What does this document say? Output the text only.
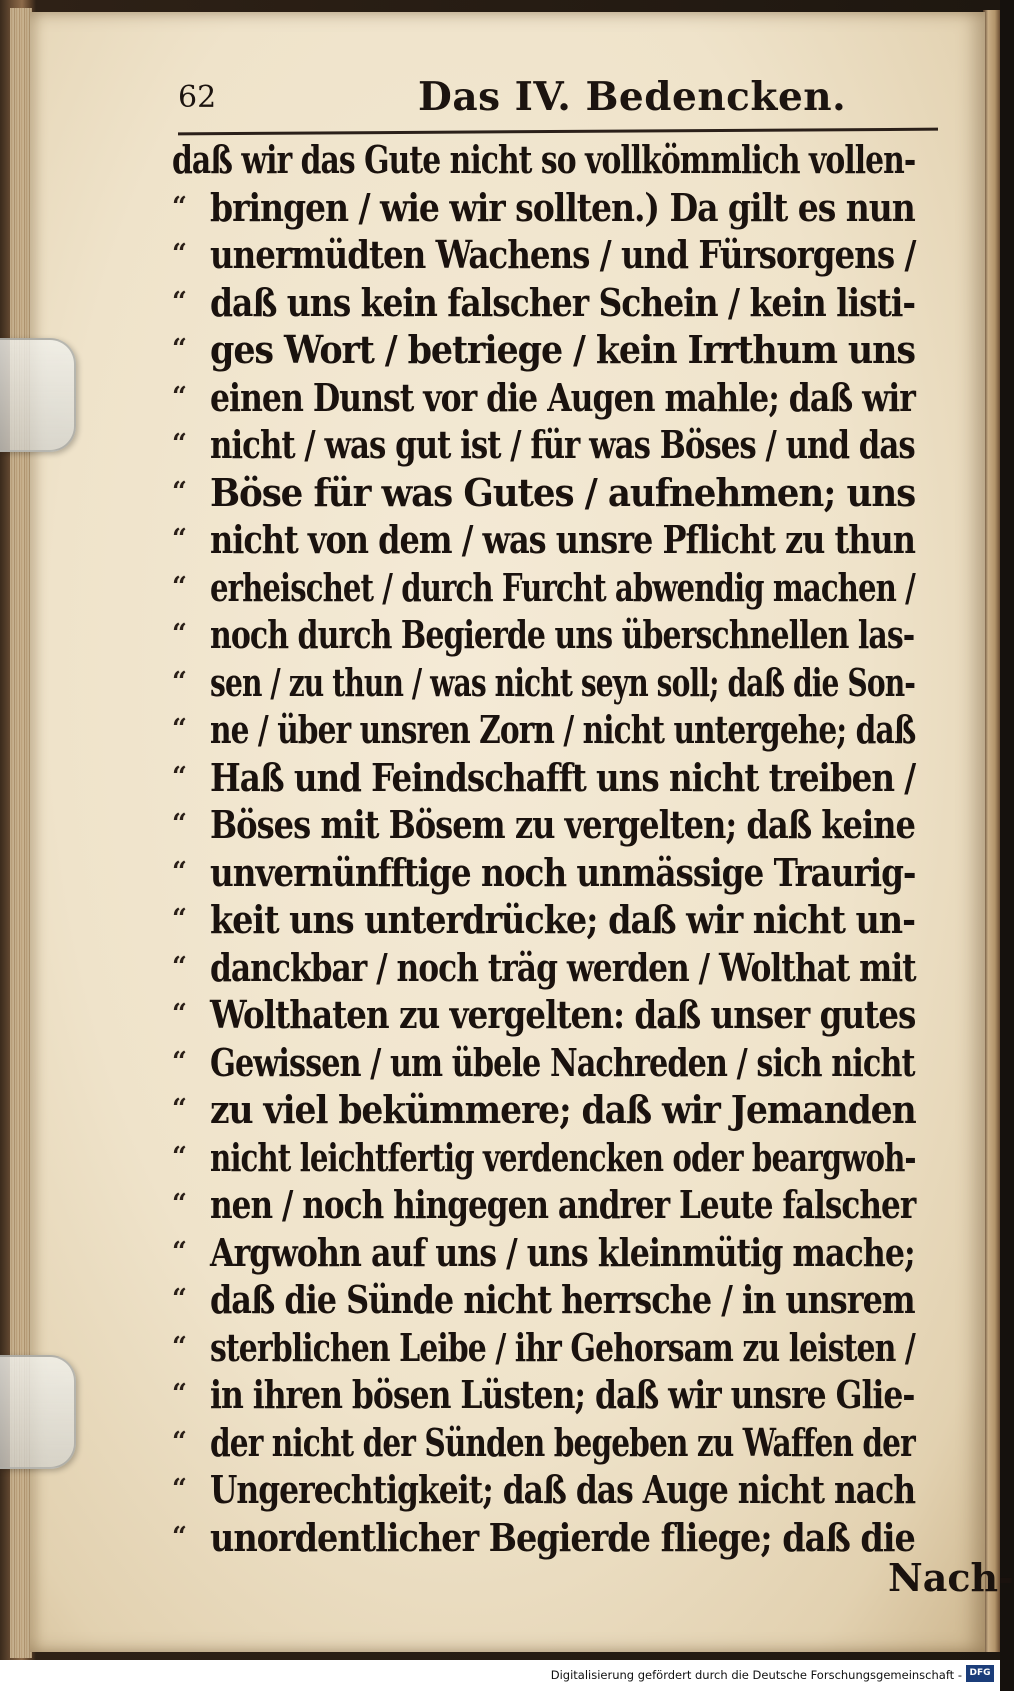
62	Das IV. Bedencken.
daß wir das Gute nicht so vollkömmlich vollen-
“ bringen / wie wir sollten.) Da gilt es nun
“ unermüdten Wachens / und Fürsorgens /
“ daß uns kein falscher Schein / kein listi-
“ ges Wort / betriege / kein Irrthum uns
“ einen Dunst vor die Augen mahle; daß wir
“ nicht / was gut ist / für was Böses / und das
“ Böse für was Gutes / aufnehmen; uns
“ nicht von dem / was unsre Pflicht zu thun
“ erheischet / durch Furcht abwendig machen /
“ noch durch Begierde uns überschnellen las-
“ sen / zu thun / was nicht seyn soll; daß die Son-
“ ne / über unsren Zorn / nicht untergehe; daß
“ Haß und Feindschafft uns nicht treiben /
“ Böses mit Bösem zu vergelten; daß keine
“ unvernünfftige noch unmässige Traurig-
“ keit uns unterdrücke; daß wir nicht un-
“ danckbar / noch träg werden / Wolthat mit
“ Wolthaten zu vergelten: daß unser gutes
“ Gewissen / um übele Nachreden / sich nicht
“ zu viel bekümmere; daß wir Jemanden
“ nicht leichtfertig verdencken oder beargwoh-
“ nen / noch hingegen andrer Leute falscher
“ Argwohn auf uns / uns kleinmütig mache;
“ daß die Sünde nicht herrsche / in unsrem
“ sterblichen Leibe / ihr Gehorsam zu leisten /
“ in ihren bösen Lüsten; daß wir unsre Glie-
“ der nicht der Sünden begeben zu Waffen der
“ Ungerechtigkeit; daß das Auge nicht nach
“ unordentlicher Begierde fliege; daß die
Nach-
Digitalisierung gefördert durch die Deutsche Forschungsgemeinschaft - DFG
